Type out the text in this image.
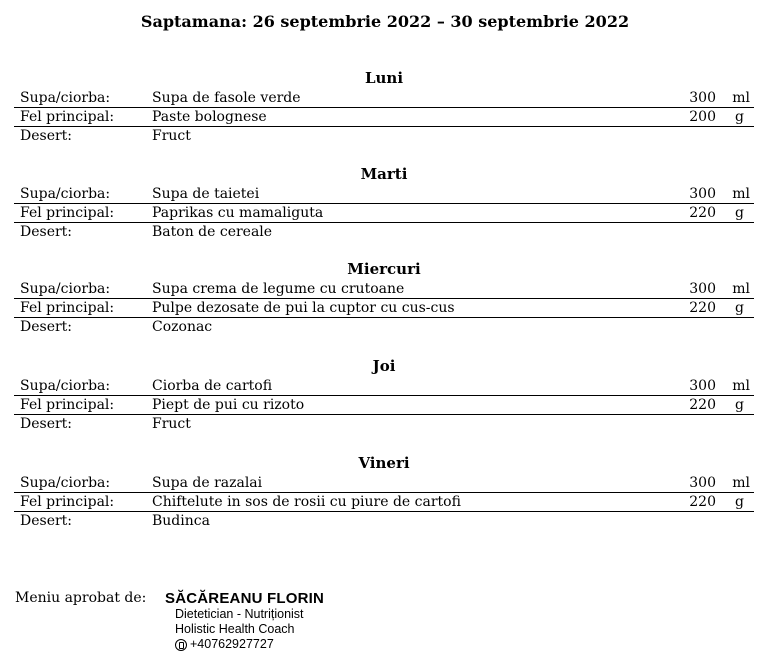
Saptamana: 26 septembrie 2022 – 30 septembrie 2022
Luni
Supa/ciorba:	Supa de fasole verde	300 ml
Fel principal:	Paste bolognese	200 g
Desert:	Fruct
Marti
Supa/ciorba:	Supa de taietei	300 ml
Fel principal:	Paprikas cu mamaliguta	220 g
Desert:	Baton de cereale
Miercuri
Supa/ciorba:	Supa crema de legume cu crutoane	300 ml
Fel principal:	Pulpe dezosate de pui la cuptor cu cus-cus	220 g
Desert:	Cozonac
Joi
Supa/ciorba:	Ciorba de cartofi	300 ml
Fel principal:	Piept de pui cu rizoto	220 g
Desert:	Fruct
Vineri
Supa/ciorba:	Supa de razalai	300 ml
Fel principal:	Chiftelute in sos de rosii cu piure de cartofi	220 g
Desert:	Budinca
Meniu aprobat de: SĂCĂREANU FLORIN
Dietetician - Nutriționist
Holistic Health Coach
+40762927727
